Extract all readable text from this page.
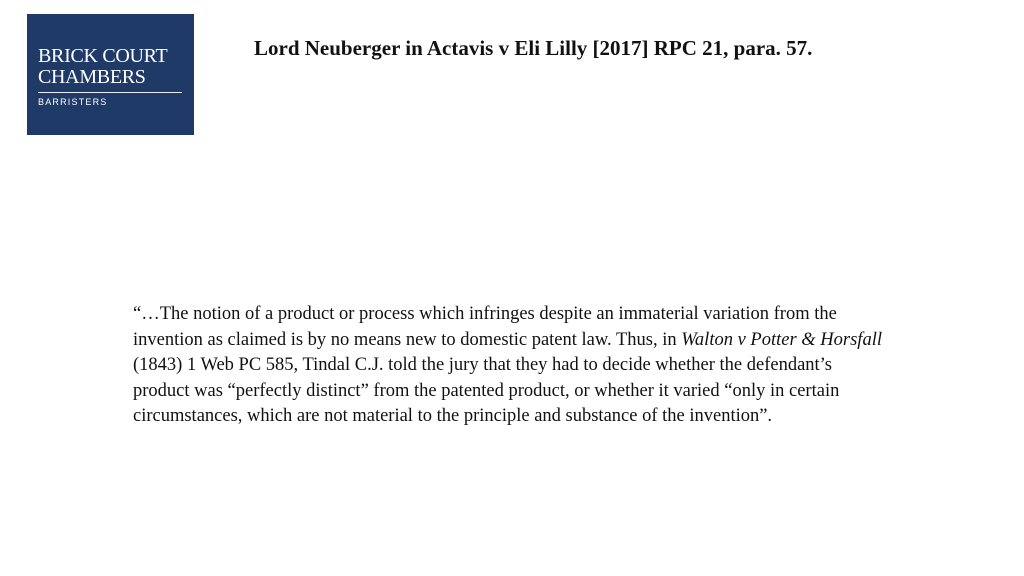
BRICK COURT
CHAMBERS
BARRISTERS
Lord Neuberger in Actavis v Eli Lilly [2017] RPC 21, para. 57.

“…The notion of a product or process which infringes despite an immaterial variation from the invention as claimed is by no means new to domestic patent law. Thus, in Walton v Potter & Horsfall (1843) 1 Web PC 585, Tindal C.J. told the jury that they had to decide whether the defendant’s product was “perfectly distinct” from the patented product, or whether it varied “only in certain circumstances, which are not material to the principle and substance of the invention”.
